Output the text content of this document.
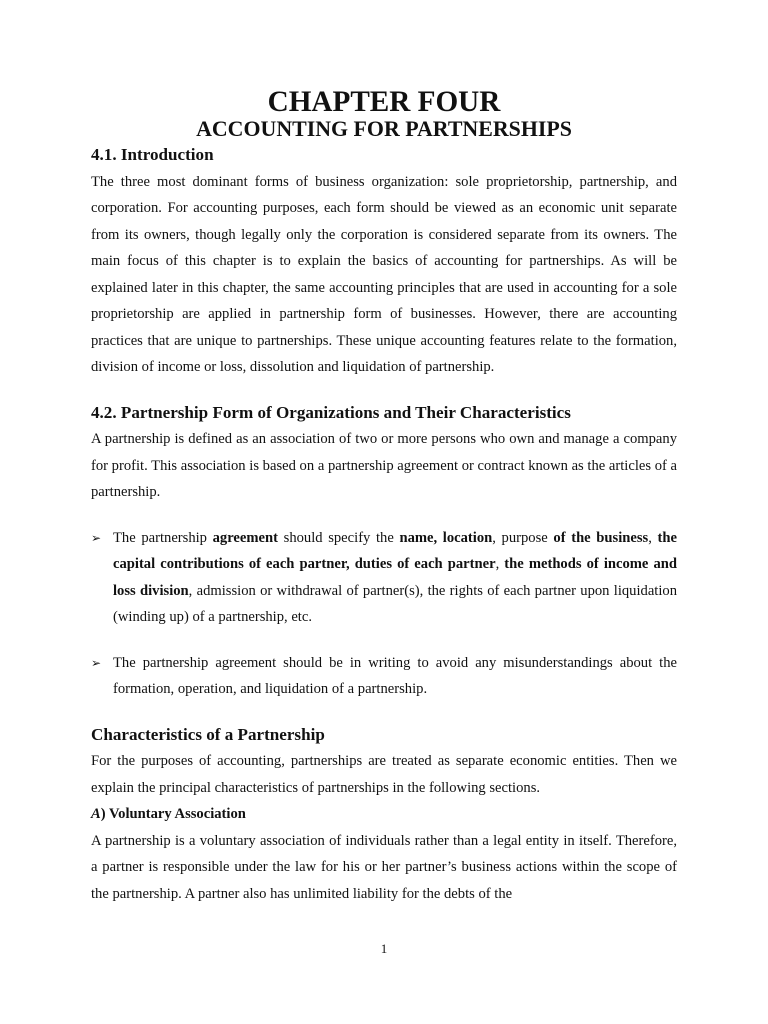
CHAPTER FOUR
ACCOUNTING FOR PARTNERSHIPS
4.1. Introduction

The three most dominant forms of business organization: sole proprietorship, partnership, and corporation. For accounting purposes, each form should be viewed as an economic unit separate from its owners, though legally only the corporation is considered separate from its owners. The main focus of this chapter is to explain the basics of accounting for partnerships. As will be explained later in this chapter, the same accounting principles that are used in accounting for a sole proprietorship are applied in partnership form of businesses. However, there are accounting practices that are unique to partnerships. These unique accounting features relate to the formation, division of income or loss, dissolution and liquidation of partnership.

4.2. Partnership Form of Organizations and Their Characteristics

A partnership is defined as an association of two or more persons who own and manage a company for profit. This association is based on a partnership agreement or contract known as the articles of a partnership.

➢ The partnership agreement should specify the name, location, purpose of the business, the capital contributions of each partner, duties of each partner, the methods of income and loss division, admission or withdrawal of partner(s), the rights of each partner upon liquidation (winding up) of a partnership, etc.
➢ The partnership agreement should be in writing to avoid any misunderstandings about the formation, operation, and liquidation of a partnership.
Characteristics of a Partnership

For the purposes of accounting, partnerships are treated as separate economic entities. Then we explain the principal characteristics of partnerships in the following sections.

A) Voluntary Association

A partnership is a voluntary association of individuals rather than a legal entity in itself. Therefore, a partner is responsible under the law for his or her partner’s business actions within the scope of the partnership. A partner also has unlimited liability for the debts of the

1
